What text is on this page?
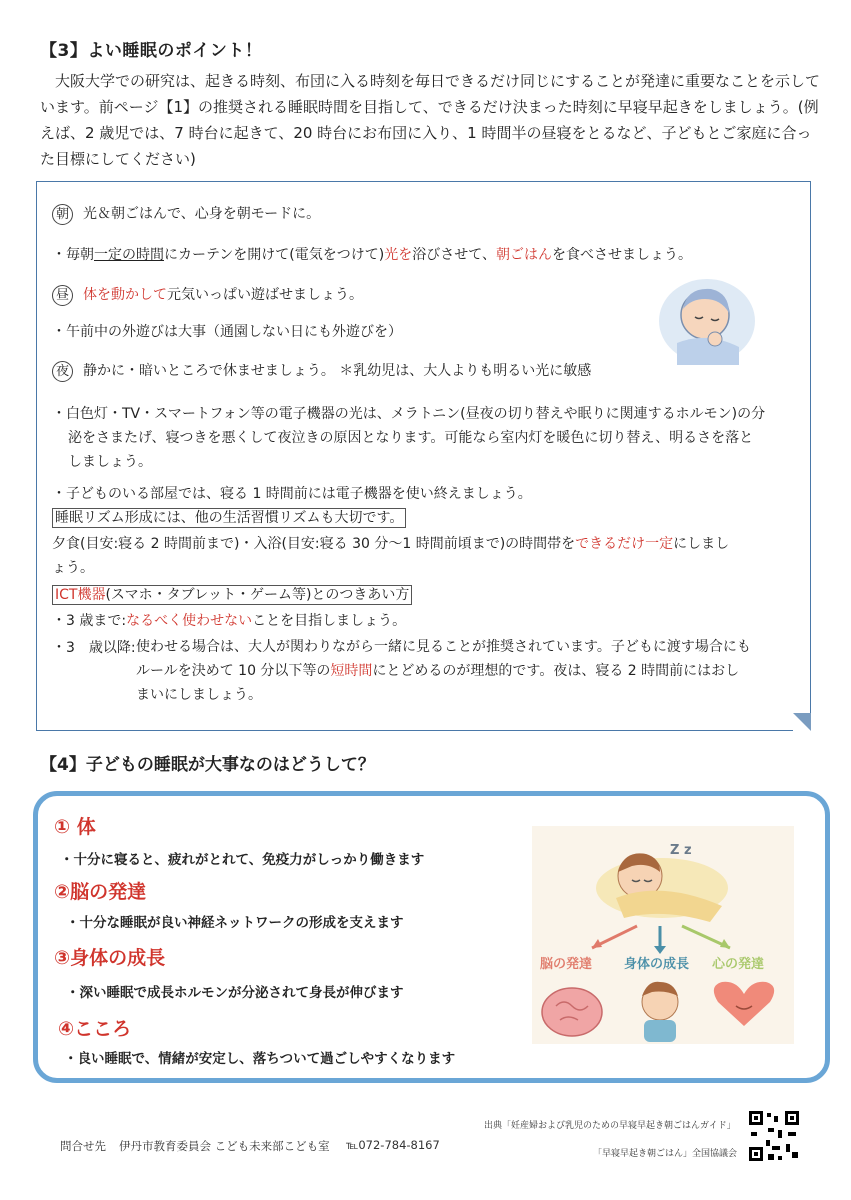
【3】よい睡眠のポイント！

大阪大学での研究は、起きる時刻、布団に入る時刻を毎日できるだけ同じにすることが発達に重要なことを示しています。前ページ【1】の推奨される睡眠時間を目指して、できるだけ決まった時刻に早寝早起きをしましょう。(例えば、2 歳児では、7 時台に起きて、20 時台にお布団に入り、1 時間半の昼寝をとるなど、子どもとご家庭に合った目標にしてください)

朝 光＆朝ごはんで、心身を朝モードに。
・毎朝一定の時間にカーテンを開けて(電気をつけて)光を浴びさせて、朝ごはんを食べさせましょう。
昼 体を動かして元気いっぱい遊ばせましょう。
・午前中の外遊びは大事（通園しない日にも外遊びを）
夜 静かに・暗いところで休ませましょう。 ＊乳幼児は、大人よりも明るい光に敏感
・白色灯・TV・スマートフォン等の電子機器の光は、メラトニン(昼夜の切り替えや眠りに関連するホルモン)の分
泌をさまたげ、寝つきを悪くして夜泣きの原因となります。可能なら室内灯を暖色に切り替え、明るさを落と
しましょう。
・子どものいる部屋では、寝る 1 時間前には電子機器を使い終えましょう。
睡眠リズム形成には、他の生活習慣リズムも大切です。
夕食(目安:寝る 2 時間前まで)・入浴(目安:寝る 30 分～1 時間前頃まで)の時間帯をできるだけ一定にしまし
ょう。
ICT機器(スマホ・タブレット・ゲーム等)とのつきあい方
・3 歳まで:なるべく使わせないことを目指しましょう。
・3　歳以降: 使わせる場合は、大人が関わりながら一緒に見ることが推奨されています。子どもに渡す場合にも
ルールを決めて 10 分以下等の短時間にとどめるのが理想的です。夜は、寝る 2 時間前にはおし
まいにしましょう。
【4】子どもの睡眠が大事なのはどうして？
① 体
・十分に寝ると、疲れがとれて、免疫力がしっかり働きます
②脳の発達
・十分な睡眠が良い神経ネットワークの形成を支えます
③身体の成長
・深い睡眠で成長ホルモンが分泌されて身長が伸びます
④こころ
・良い睡眠で、情緒が安定し、落ちついて過ごしやすくなります
Z z
脳の発達 身体の成長 心の発達
出典「妊産婦および乳児のための早寝早起き朝ごはんガイド」
「早寝早起き朝ごはん」全国協議会
問合せ先 伊丹市教育委員会 こども未来部こども室 ℡072-784-8167
